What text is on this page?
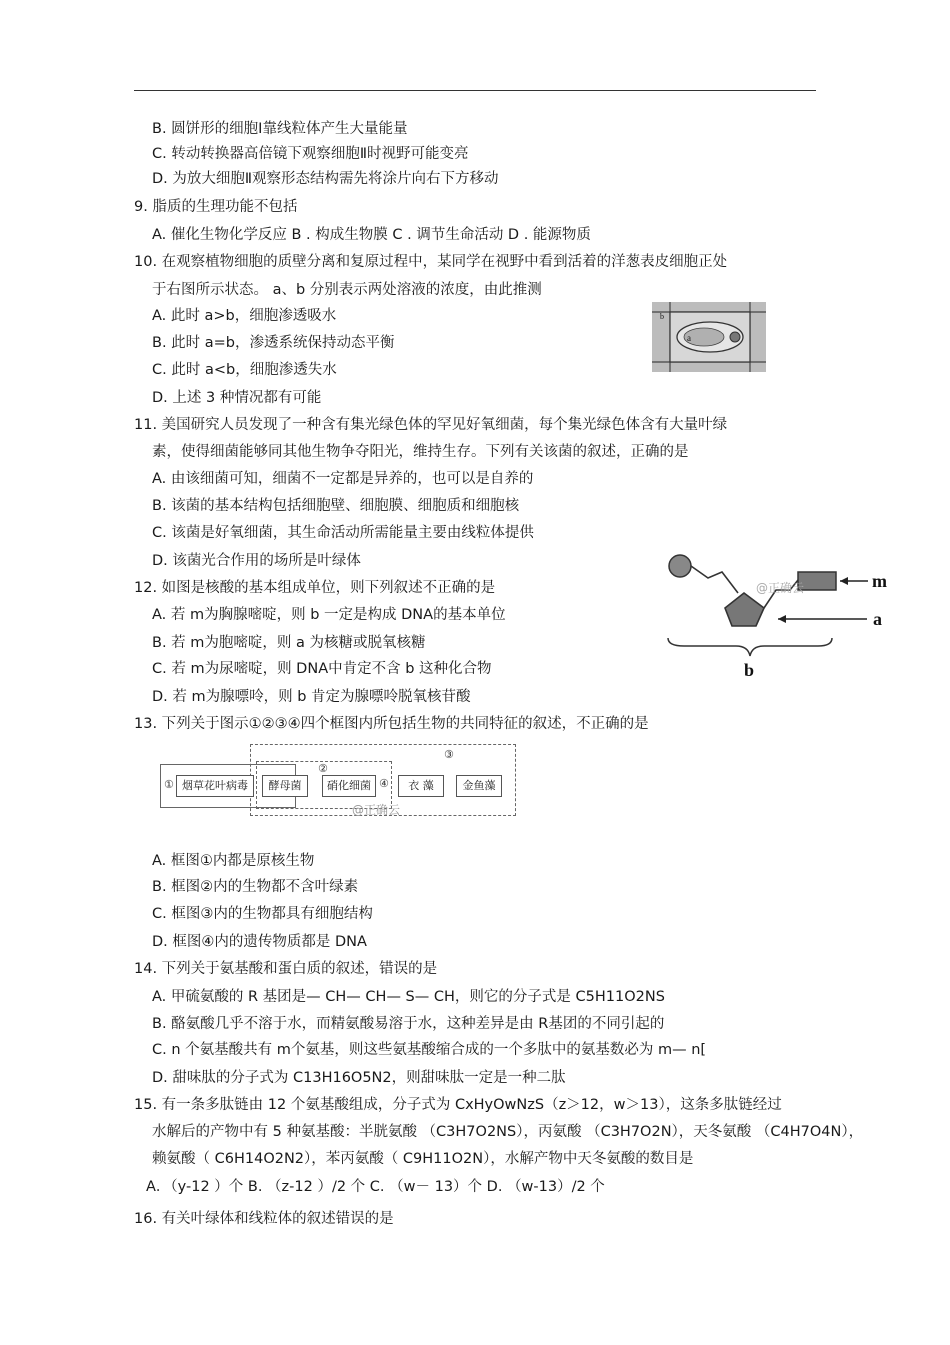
B. 圆饼形的细胞Ⅰ靠线粒体产生大量能量
C. 转动转换器高倍镜下观察细胞Ⅱ时视野可能变亮
D. 为放大细胞Ⅱ观察形态结构需先将涂片向右下方移动
9. 脂质的生理功能不包括
A. 催化生物化学反应 B . 构成生物膜 C . 调节生命活动 D . 能源物质
10. 在观察植物细胞的质壁分离和复原过程中，某同学在视野中看到活着的洋葱表皮细胞正处
于右图所示状态。 a、b 分别表示两处溶液的浓度，由此推测
A. 此时 a>b，细胞渗透吸水
B. 此时 a=b，渗透系统保持动态平衡
C. 此时 a<b，细胞渗透失水
D. 上述 3 种情况都有可能
a
b
11. 美国研究人员发现了一种含有集光绿色体的罕见好氧细菌，每个集光绿色体含有大量叶绿
素，使得细菌能够同其他生物争夺阳光，维持生存。下列有关该菌的叙述，正确的是
A. 由该细菌可知，细菌不一定都是异养的，也可以是自养的
B. 该菌的基本结构包括细胞壁、细胞膜、细胞质和细胞核
C. 该菌是好氧细菌，其生命活动所需能量主要由线粒体提供
D. 该菌光合作用的场所是叶绿体
@正确云	m
a
b
12. 如图是核酸的基本组成单位，则下列叙述不正确的是
A. 若 m为胸腺嘧啶，则 b 一定是构成 DNA的基本单位
B. 若 m为胞嘧啶，则 a 为核糖或脱氧核糖
C. 若 m为尿嘧啶，则 DNA中肯定不含 b 这种化合物
D. 若 m为腺嘌呤，则 b 肯定为腺嘌呤脱氧核苷酸
13. 下列关于图示①②③④四个框图内所包括生物的共同特征的叙述，不正确的是
①
②
③
④
烟草花叶病毒	酵母菌	硝化细菌	衣 藻	金鱼藻
@正确云
A. 框图①内都是原核生物
B. 框图②内的生物都不含叶绿素
C. 框图③内的生物都具有细胞结构
D. 框图④内的遗传物质都是 DNA
14. 下列关于氨基酸和蛋白质的叙述，错误的是
A. 甲硫氨酸的 R 基团是— CH— CH— S— CH，则它的分子式是 C5H11O2NS
B. 酪氨酸几乎不溶于水，而精氨酸易溶于水，这种差异是由 R基团的不同引起的
C. n 个氨基酸共有 m个氨基，则这些氨基酸缩合成的一个多肽中的氨基数必为 m— n[
D. 甜味肽的分子式为 C13H16O5N2，则甜味肽一定是一种二肽
15. 有一条多肽链由 12 个氨基酸组成，分子式为 CxHyOwNzS（z＞12，w＞13），这条多肽链经过
水解后的产物中有 5 种氨基酸：半胱氨酸 （C3H7O2NS），丙氨酸 （C3H7O2N），天冬氨酸 （C4H7O4N），
赖氨酸（ C6H14O2N2），苯丙氨酸（ C9H11O2N），水解产物中天冬氨酸的数目是
A．（y-12 ）个 B. （z-12 ）/2 个 C. （w－ 13）个 D. （w-13）/2 个
16. 有关叶绿体和线粒体的叙述错误的是
